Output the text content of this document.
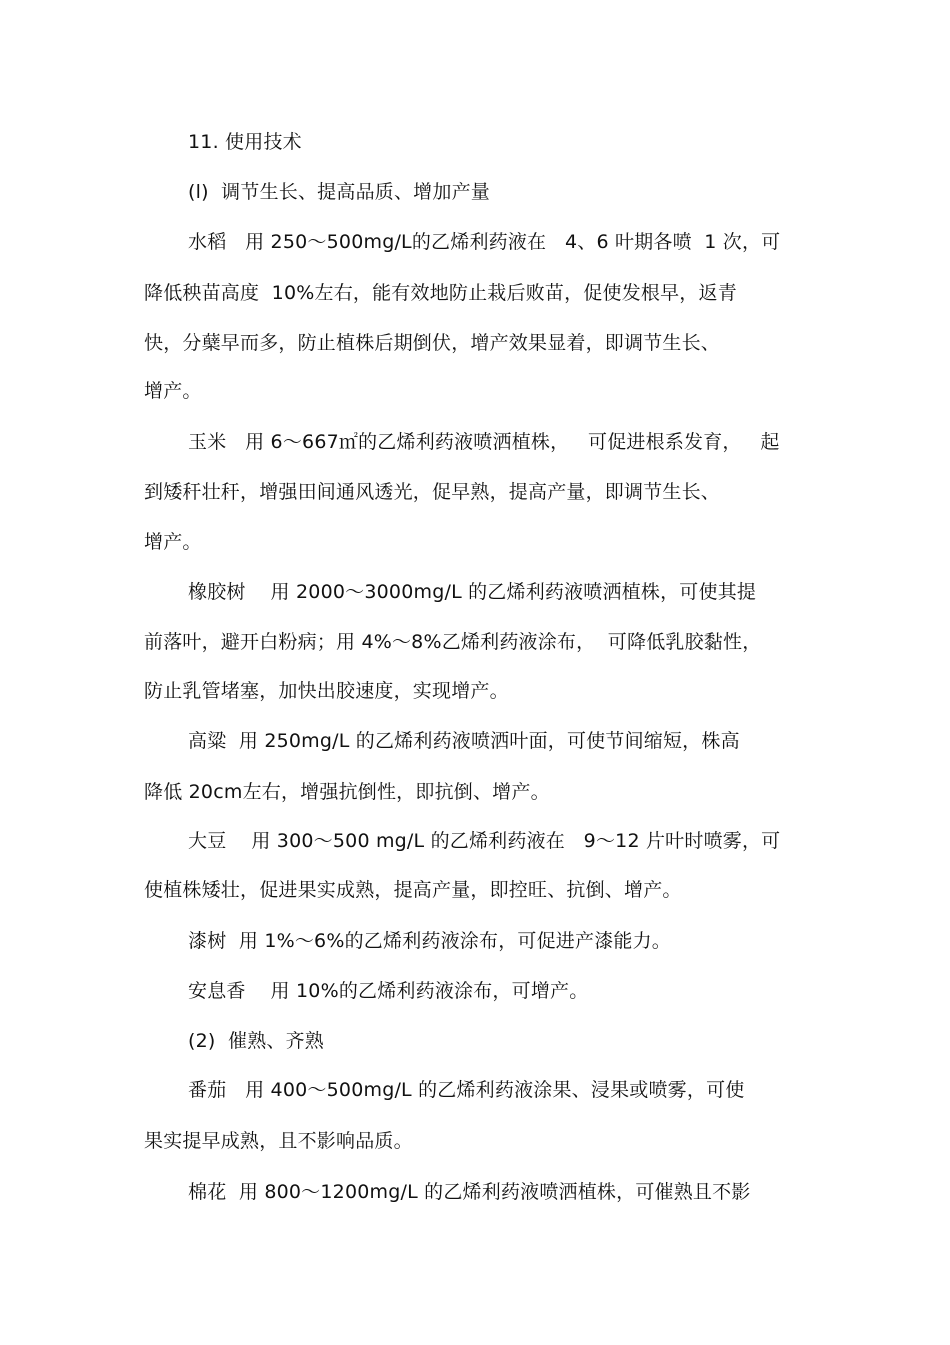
11. 使用技术
(l)  调节生长、提高品质、增加产量
水稻   用 250～500mg/L的乙烯利药液在   4、6 叶期各喷  1 次，可
降低秧苗高度  10%左右，能有效地防止栽后败苗，促使发根早，返青
快，分蘖早而多，防止植株后期倒伏，增产效果显着，即调节生长、
增产。
玉米   用 6～667㎡的乙烯利药液喷洒植株，   可促进根系发育，   起
到矮秆壮秆，增强田间通风透光，促早熟，提高产量，即调节生长、
增产。
橡胶树    用 2000～3000mg/L 的乙烯利药液喷洒植株，可使其提
前落叶，避开白粉病；用 4%～8%乙烯利药液涂布，  可降低乳胶黏性，
防止乳管堵塞，加快出胶速度，实现增产。
高粱  用 250mg/L 的乙烯利药液喷洒叶面，可使节间缩短，株高
降低 20cm左右，增强抗倒性，即抗倒、增产。
大豆    用 300～500 mg/L 的乙烯利药液在   9～12 片叶时喷雾，可
使植株矮壮，促进果实成熟，提高产量，即控旺、抗倒、增产。
漆树  用 1%～6%的乙烯利药液涂布，可促进产漆能力。
安息香    用 10%的乙烯利药液涂布，可增产。
(2)  催熟、齐熟
番茄   用 400～500mg/L 的乙烯利药液涂果、浸果或喷雾，可使
果实提早成熟，且不影响品质。
棉花  用 800～1200mg/L 的乙烯利药液喷洒植株，可催熟且不影
